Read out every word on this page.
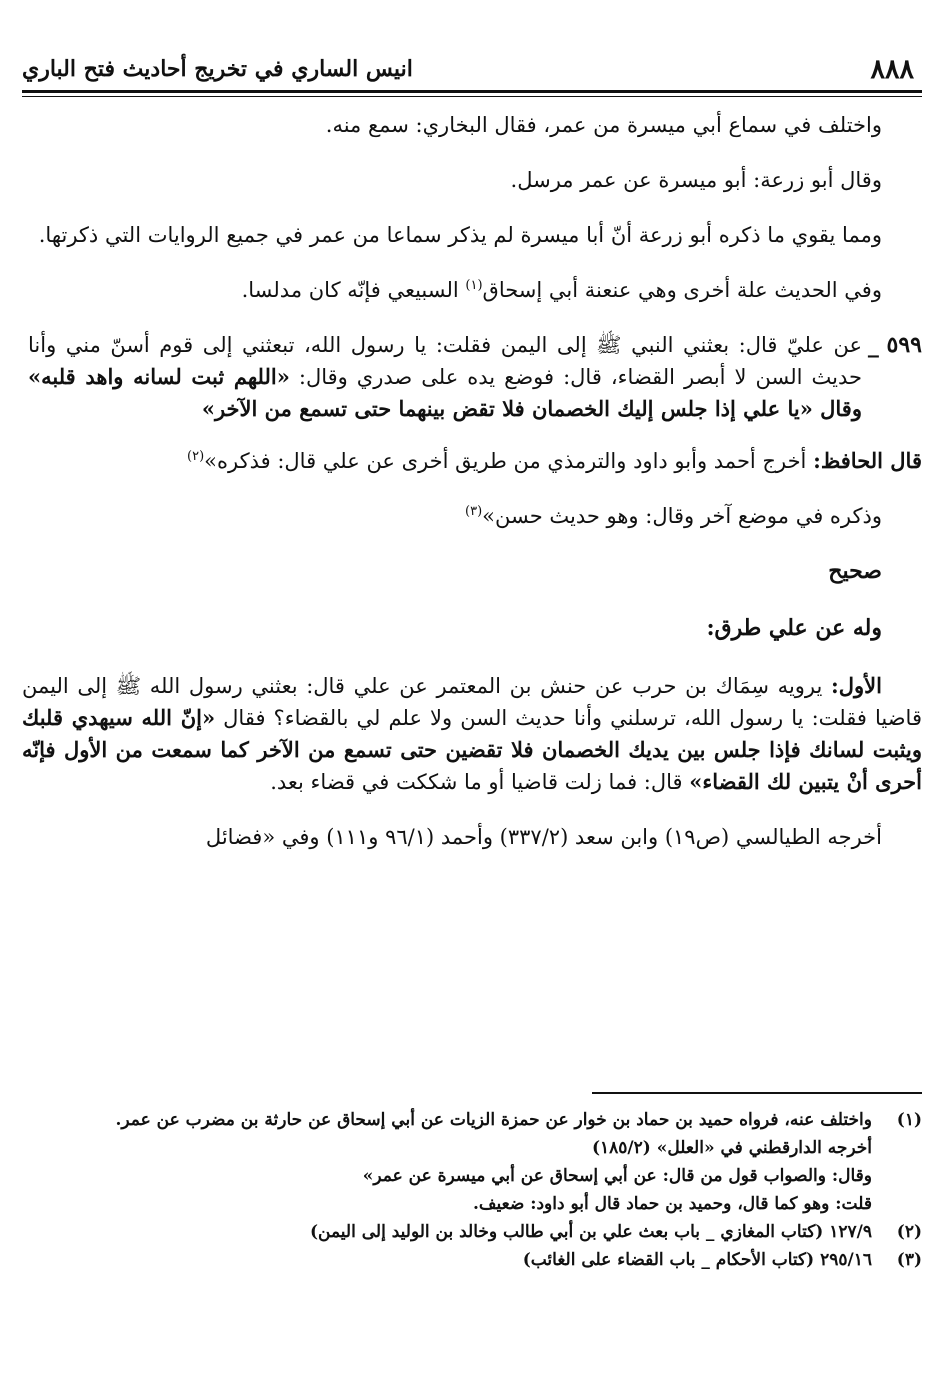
٨٨٨
انيس الساري في تخريج أحاديث فتح الباري

واختلف في سماع أبي ميسرة من عمر، فقال البخاري: سمع منه.

وقال أبو زرعة: أبو ميسرة عن عمر مرسل.

ومما يقوي ما ذكره أبو زرعة أنّ أبا ميسرة لم يذكر سماعا من عمر في جميع الروايات التي ذكرتها.

وفي الحديث علة أخرى وهي عنعنة أبي إسحاق$^{(١)}$ السبيعي فإنّه كان مدلسا.

٥٩٩ _
عن عليّ قال: بعثني النبي ﷺ إلى اليمن فقلت: يا رسول الله، تبعثني إلى قوم أسنّ مني وأنا حديث السن لا أبصر القضاء، قال: فوضع يده على صدري وقال: «اللهم ثبت لسانه واهد قلبه» وقال «يا علي إذا جلس إليك الخصمان فلا تقض بينهما حتى تسمع من الآخر»

قال الحافظ: أخرج أحمد وأبو داود والترمذي من طريق أخرى عن علي قال: فذكره»$^{(٢)}$

وذكره في موضع آخر وقال: وهو حديث حسن»$^{(٣)}$

صحيح
وله عن علي طرق:

الأول: يرويه سِمَاك بن حرب عن حنش بن المعتمر عن علي قال: بعثني رسول الله ﷺ إلى اليمن قاضيا فقلت: يا رسول الله، ترسلني وأنا حديث السن ولا علم لي بالقضاء؟ فقال «إنّ الله سيهدي قلبك ويثبت لسانك فإذا جلس بين يديك الخصمان فلا تقضين حتى تسمع من الآخر كما سمعت من الأول فإنّه أحرى أنْ يتبين لك القضاء» قال: فما زلت قاضيا أو ما شككت في قضاء بعد.

أخرجه الطيالسي (ص١٩) وابن سعد (٣٣٧/٢) وأحمد (٩٦/١ و١١١) وفي «فضائل

(١)
واختلف عنه، فرواه حميد بن حماد بن خوار عن حمزة الزيات عن أبي إسحاق عن حارثة بن مضرب عن عمر.
أخرجه الدارقطني في «العلل» (١٨٥/٢)
وقال: والصواب قول من قال: عن أبي إسحاق عن أبي ميسرة عن عمر»
قلت: وهو كما قال، وحميد بن حماد قال أبو داود: ضعيف.
(٢)
١٢٧/٩ (كتاب المغازي _ باب بعث علي بن أبي طالب وخالد بن الوليد إلى اليمن)
(٣)
٢٩٥/١٦ (كتاب الأحكام _ باب القضاء على الغائب)
